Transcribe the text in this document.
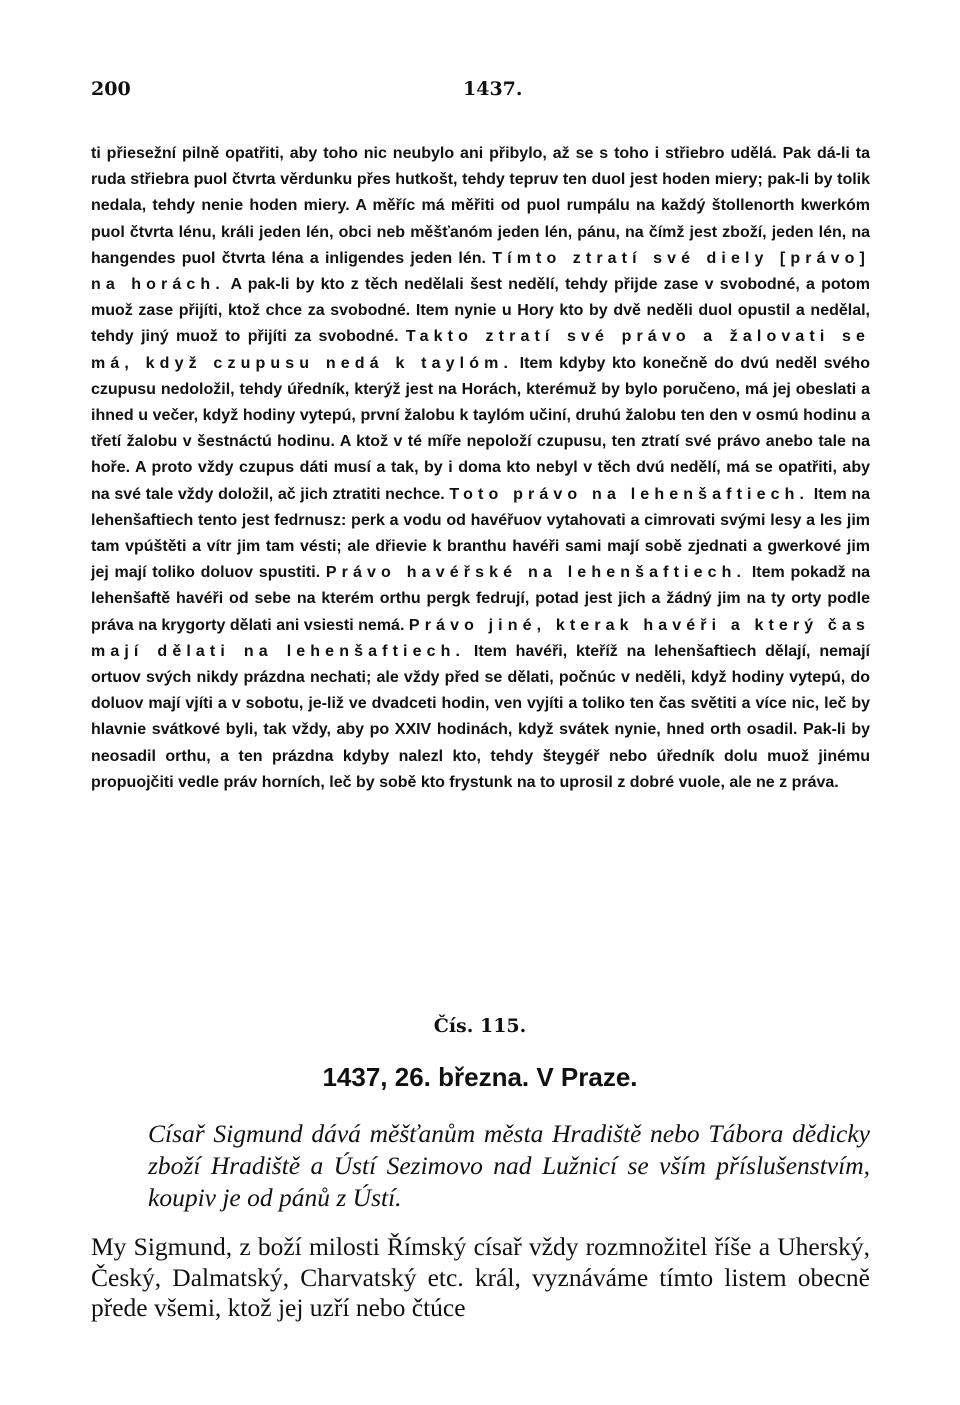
200	1437.

ti přiesežní pilně opatřiti, aby toho nic neubylo ani přibylo, až se s toho i střiebro udělá. Pak dá-li ta ruda střiebra puol čtvrta věrdunku přes hutkošt, tehdy tepruv ten duol jest hoden miery; pak-li by tolik nedala, tehdy nenie hoden miery. A měříc má měřiti od puol rumpálu na každý štollenorth kwerkóm puol čtvrta lénu, králi jeden lén, obci neb měšťanóm jeden lén, pánu, na čímž jest zboží, jeden lén, na hangendes puol čtvrta léna a inligendes jeden lén. Tímto ztratí své diely [právo] na horách. A pak-li by kto z těch nedělali šest nedělí, tehdy přijde zase v svobodné, a potom muož zase přijíti, ktož chce za svobodné. Item nynie u Hory kto by dvě neděli duol opustil a nedělal, tehdy jiný muož to přijíti za svobodné. Takto ztratí své právo a žalovati se má, když czupusu nedá k taylóm. Item kdyby kto konečně do dvú neděl svého czupusu nedoložil, tehdy úředník, kterýž jest na Horách, kterémuž by bylo poručeno, má jej obeslati a ihned u večer, když hodiny vytepú, první žalobu k taylóm učiní, druhú žalobu ten den v osmú hodinu a třetí žalobu v šestnáctú hodinu. A ktož v té míře nepoloží czupusu, ten ztratí své právo anebo tale na hoře. A proto vždy czupus dáti musí a tak, by i doma kto nebyl v těch dvú nedělí, má se opatřiti, aby na své tale vždy doložil, ač jich ztratiti nechce. Toto právo na lehenšaftiech. Item na lehenšaftiech tento jest fedrnusz: perk a vodu od havéřuov vytahovati a cimrovati svými lesy a les jim tam vpúštěti a vítr jim tam vésti; ale dřievie k branthu havéři sami mají sobě zjednati a gwerkové jim jej mají toliko doluov spustiti. Právo havéřské na lehenšaftiech. Item pokadž na lehenšaftě havéři od sebe na kterém orthu pergk fedrují, potad jest jich a žádný jim na ty orty podle práva na krygorty dělati ani vsiesti nemá. Právo jiné, kterak havéři a který čas mají dělati na lehenšaftiech. Item havéři, kteříž na lehenšaftiech dělají, nemají ortuov svých nikdy prázdna nechati; ale vždy před se dělati, počnúc v neděli, když hodiny vytepú, do doluov mají vjíti a v sobotu, je-liž ve dvadceti hodin, ven vyjíti a toliko ten čas světiti a více nic, leč by hlavnie svátkové byli, tak vždy, aby po XXIV hodinách, když svátek nynie, hned orth osadil. Pak-li by neosadil orthu, a ten prázdna kdyby nalezl kto, tehdy šteygéř nebo úředník dolu muož jinému propuojčiti vedle práv horních, leč by sobě kto frystunk na to uprosil z dobré vuole, ale ne z práva.

Čís. 115.
1437, 26. března. V Praze.

Císař Sigmund dává měšťanům města Hradiště nebo Tábora dědicky zboží Hradiště a Ústí Sezimovo nad Lužnicí se vším příslušenstvím, koupiv je od pánů z Ústí.

My Sigmund, z boží milosti Římský císař vždy rozmnožitel říše a Uherský, Český, Dalmatský, Charvatský etc. král, vyznáváme tímto listem obecně přede všemi, ktož jej uzří nebo čtúce
